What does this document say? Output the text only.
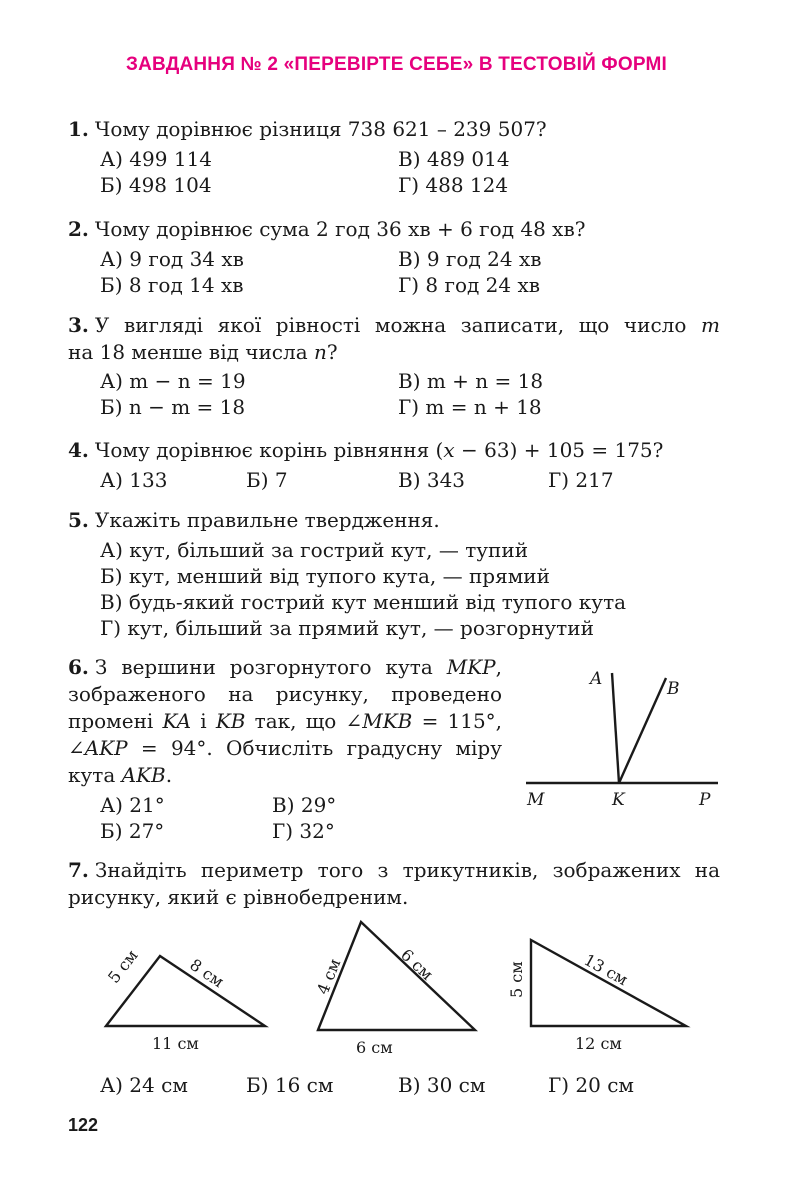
ЗАВДАННЯ № 2 «ПЕРЕВІРТЕ СЕБЕ» В ТЕСТОВІЙ ФОРМІ
1. Чому дорівнює різниця 738 621 – 239 507?
А) 499 114
Б) 498 104
В) 489 014
Г) 488 124
2. Чому дорівнює сума 2 год 36 хв + 6 год 48 хв?
А) 9 год 34 хв
Б) 8 год 14 хв
В) 9 год 24 хв
Г) 8 год 24 хв
3. У вигляді якої рівності можна записати, що число m
на 18 менше від числа n?
А) m − n = 19
Б) n − m = 18
В) m + n = 18
Г) m = n + 18
4. Чому дорівнює корінь рівняння (x − 63) + 105 = 175?
А) 133	Б) 7	В) 343	Г) 217
5. Укажіть правильне твердження.
А) кут, більший за гострий кут, — тупий
Б) кут, менший від тупого кута, — прямий
В) будь-який гострий кут менший від тупого кута
Г) кут, більший за прямий кут, — розгорнутий
6. З вершини розгорнутого кута MKP,
зображеного на рисунку, проведено
промені KA і KB так, що ∠MKB = 115°,
∠AKP = 94°. Обчисліть градусну міру
кута AKB.
А) 21°
Б) 27°
В) 29°
Г) 32°
A	B
M	K	P
7. Знайдіть периметр того з трикутників, зображених на
рисунку, який є рівнобедреним.
5 см	8 см
11 см
4 см	6 см
6 см
5 см	13 см
12 см
А) 24 см	Б) 16 см	В) 30 см	Г) 20 см
122
